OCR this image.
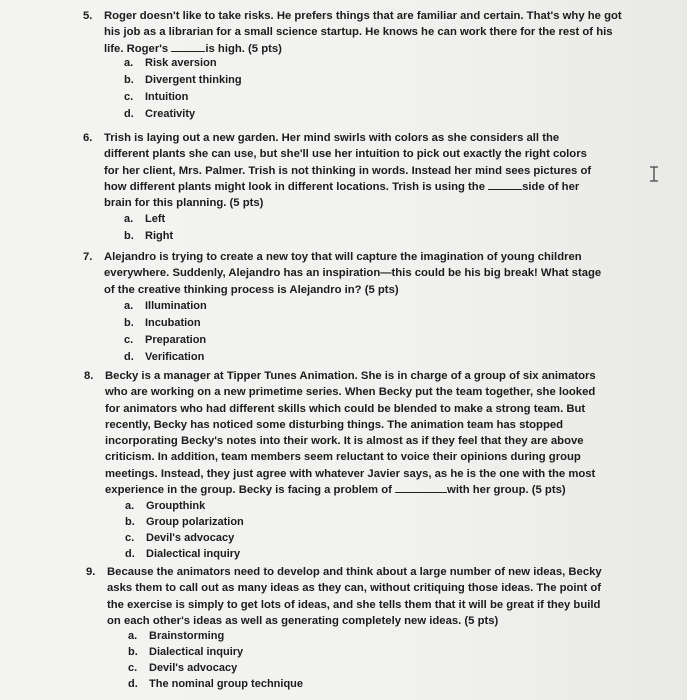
5.	Roger doesn't like to take risks. He prefers things that are familiar and certain. That's why he got his job as a librarian for a small science startup. He knows he can work there for the rest of his life. Roger's	is high. (5 pts)
a. Risk aversion
b. Divergent thinking
c. Intuition
d. Creativity
6.	Trish is laying out a new garden. Her mind swirls with colors as she considers all the different plants she can use, but she'll use her intuition to pick out exactly the right colors for her client, Mrs. Palmer. Trish is not thinking in words. Instead her mind sees pictures of how different plants might look in different locations. Trish is using the	side of her brain for this planning. (5 pts)
a. Left
b. Right
7.	Alejandro is trying to create a new toy that will capture the imagination of young children everywhere. Suddenly, Alejandro has an inspiration—this could be his big break! What stage of the creative thinking process is Alejandro in? (5 pts)
a. Illumination
b. Incubation
c. Preparation
d. Verification
8.	Becky is a manager at Tipper Tunes Animation. She is in charge of a group of six animators who are working on a new primetime series. When Becky put the team together, she looked for animators who had different skills which could be blended to make a strong team. But recently, Becky has noticed some disturbing things. The animation team has stopped incorporating Becky's notes into their work. It is almost as if they feel that they are above criticism. In addition, team members seem reluctant to voice their opinions during group meetings. Instead, they just agree with whatever Javier says, as he is the one with the most experience in the group. Becky is facing a problem of	with her group. (5 pts)
a. Groupthink
b. Group polarization
c. Devil's advocacy
d. Dialectical inquiry
9.	Because the animators need to develop and think about a large number of new ideas, Becky asks them to call out as many ideas as they can, without critiquing those ideas. The point of the exercise is simply to get lots of ideas, and she tells them that it will be great if they build on each other's ideas as well as generating completely new ideas. (5 pts)
a. Brainstorming
b. Dialectical inquiry
c. Devil's advocacy
d. The nominal group technique
